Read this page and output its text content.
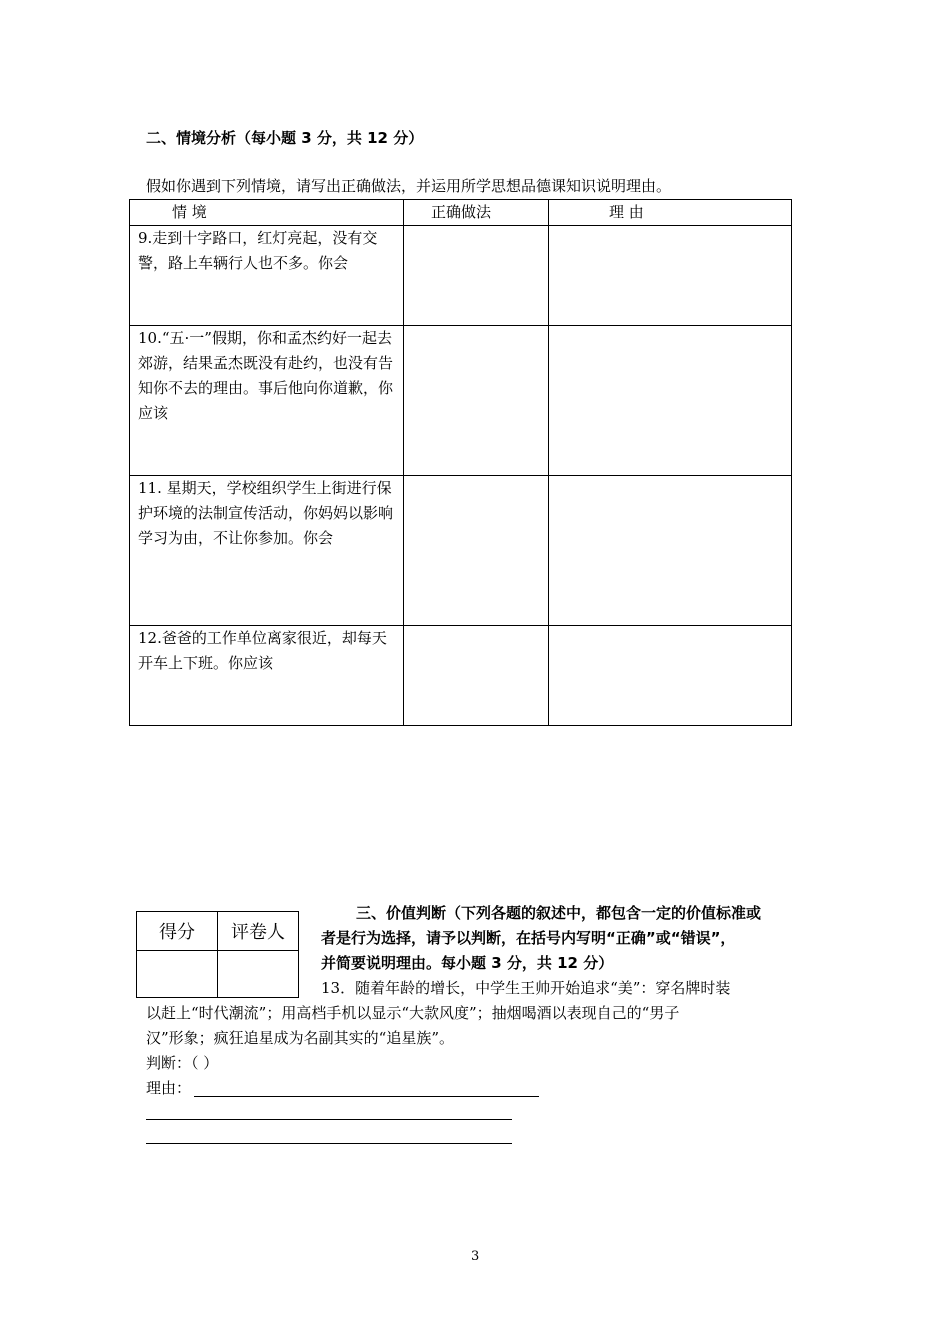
二、情境分析（每小题 3 分，共 12 分）
假如你遇到下列情境，请写出正确做法，并运用所学思想品德课知识说明理由。
情 境	正确做法	理 由
9.走到十字路口，红灯亮起，没有交警，路上车辆行人也不多。你会		
10.“五·一”假期，你和孟杰约好一起去郊游，结果孟杰既没有赴约，也没有告知你不去的理由。事后他向你道歉，你应该		
11. 星期天，学校组织学生上街进行保护环境的法制宣传活动，你妈妈以影响学习为由，不让你参加。你会		
12.爸爸的工作单位离家很近，却每天开车上下班。你应该		
得分	评卷人

三、价值判断（下列各题的叙述中，都包含一定的价值标准或
者是行为选择，请予以判断，在括号内写明“正确”或“错误”，
并简要说明理由。每小题 3 分，共 12 分）
13．随着年龄的增长，中学生王帅开始追求“美”：穿名牌时装
以赶上“时代潮流”；用高档手机以显示“大款风度”；抽烟喝酒以表现自己的“男子
汉”形象；疯狂追星成为名副其实的“追星族”。
判断：（ ）
理由：
3
